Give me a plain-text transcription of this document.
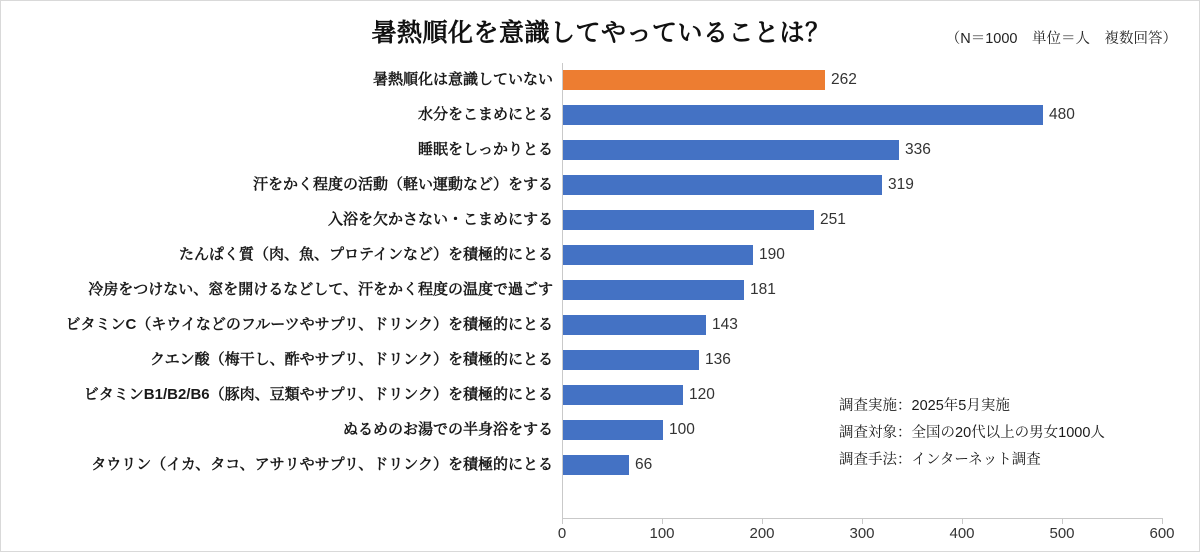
暑熱順化を意識してやっていることは？	（N＝1000　単位＝人　複数回答）
暑熱順化は意識していない
水分をこまめにとる
睡眠をしっかりとる
汗をかく程度の活動（軽い運動など）をする
入浴を欠かさない・こまめにする
たんぱく質（肉、魚、プロテインなど）を積極的にとる
冷房をつけない、窓を開けるなどして、汗をかく程度の温度で過ごす
ビタミンC（キウイなどのフルーツやサプリ、ドリンク）を積極的にとる
クエン酸（梅干し、酢やサプリ、ドリンク）を積極的にとる
ビタミンB1/B2/B6（豚肉、豆類やサプリ、ドリンク）を積極的にとる
ぬるめのお湯での半身浴をする
タウリン（イカ、タコ、アサリやサプリ、ドリンク）を積極的にとる
262
480
336
319
251
190
181
143
136
120
100
66
0	100	200	300	400	500	600
調査実施：2025年5月実施
調査対象：全国の20代以上の男女1000人
調査手法：インターネット調査
